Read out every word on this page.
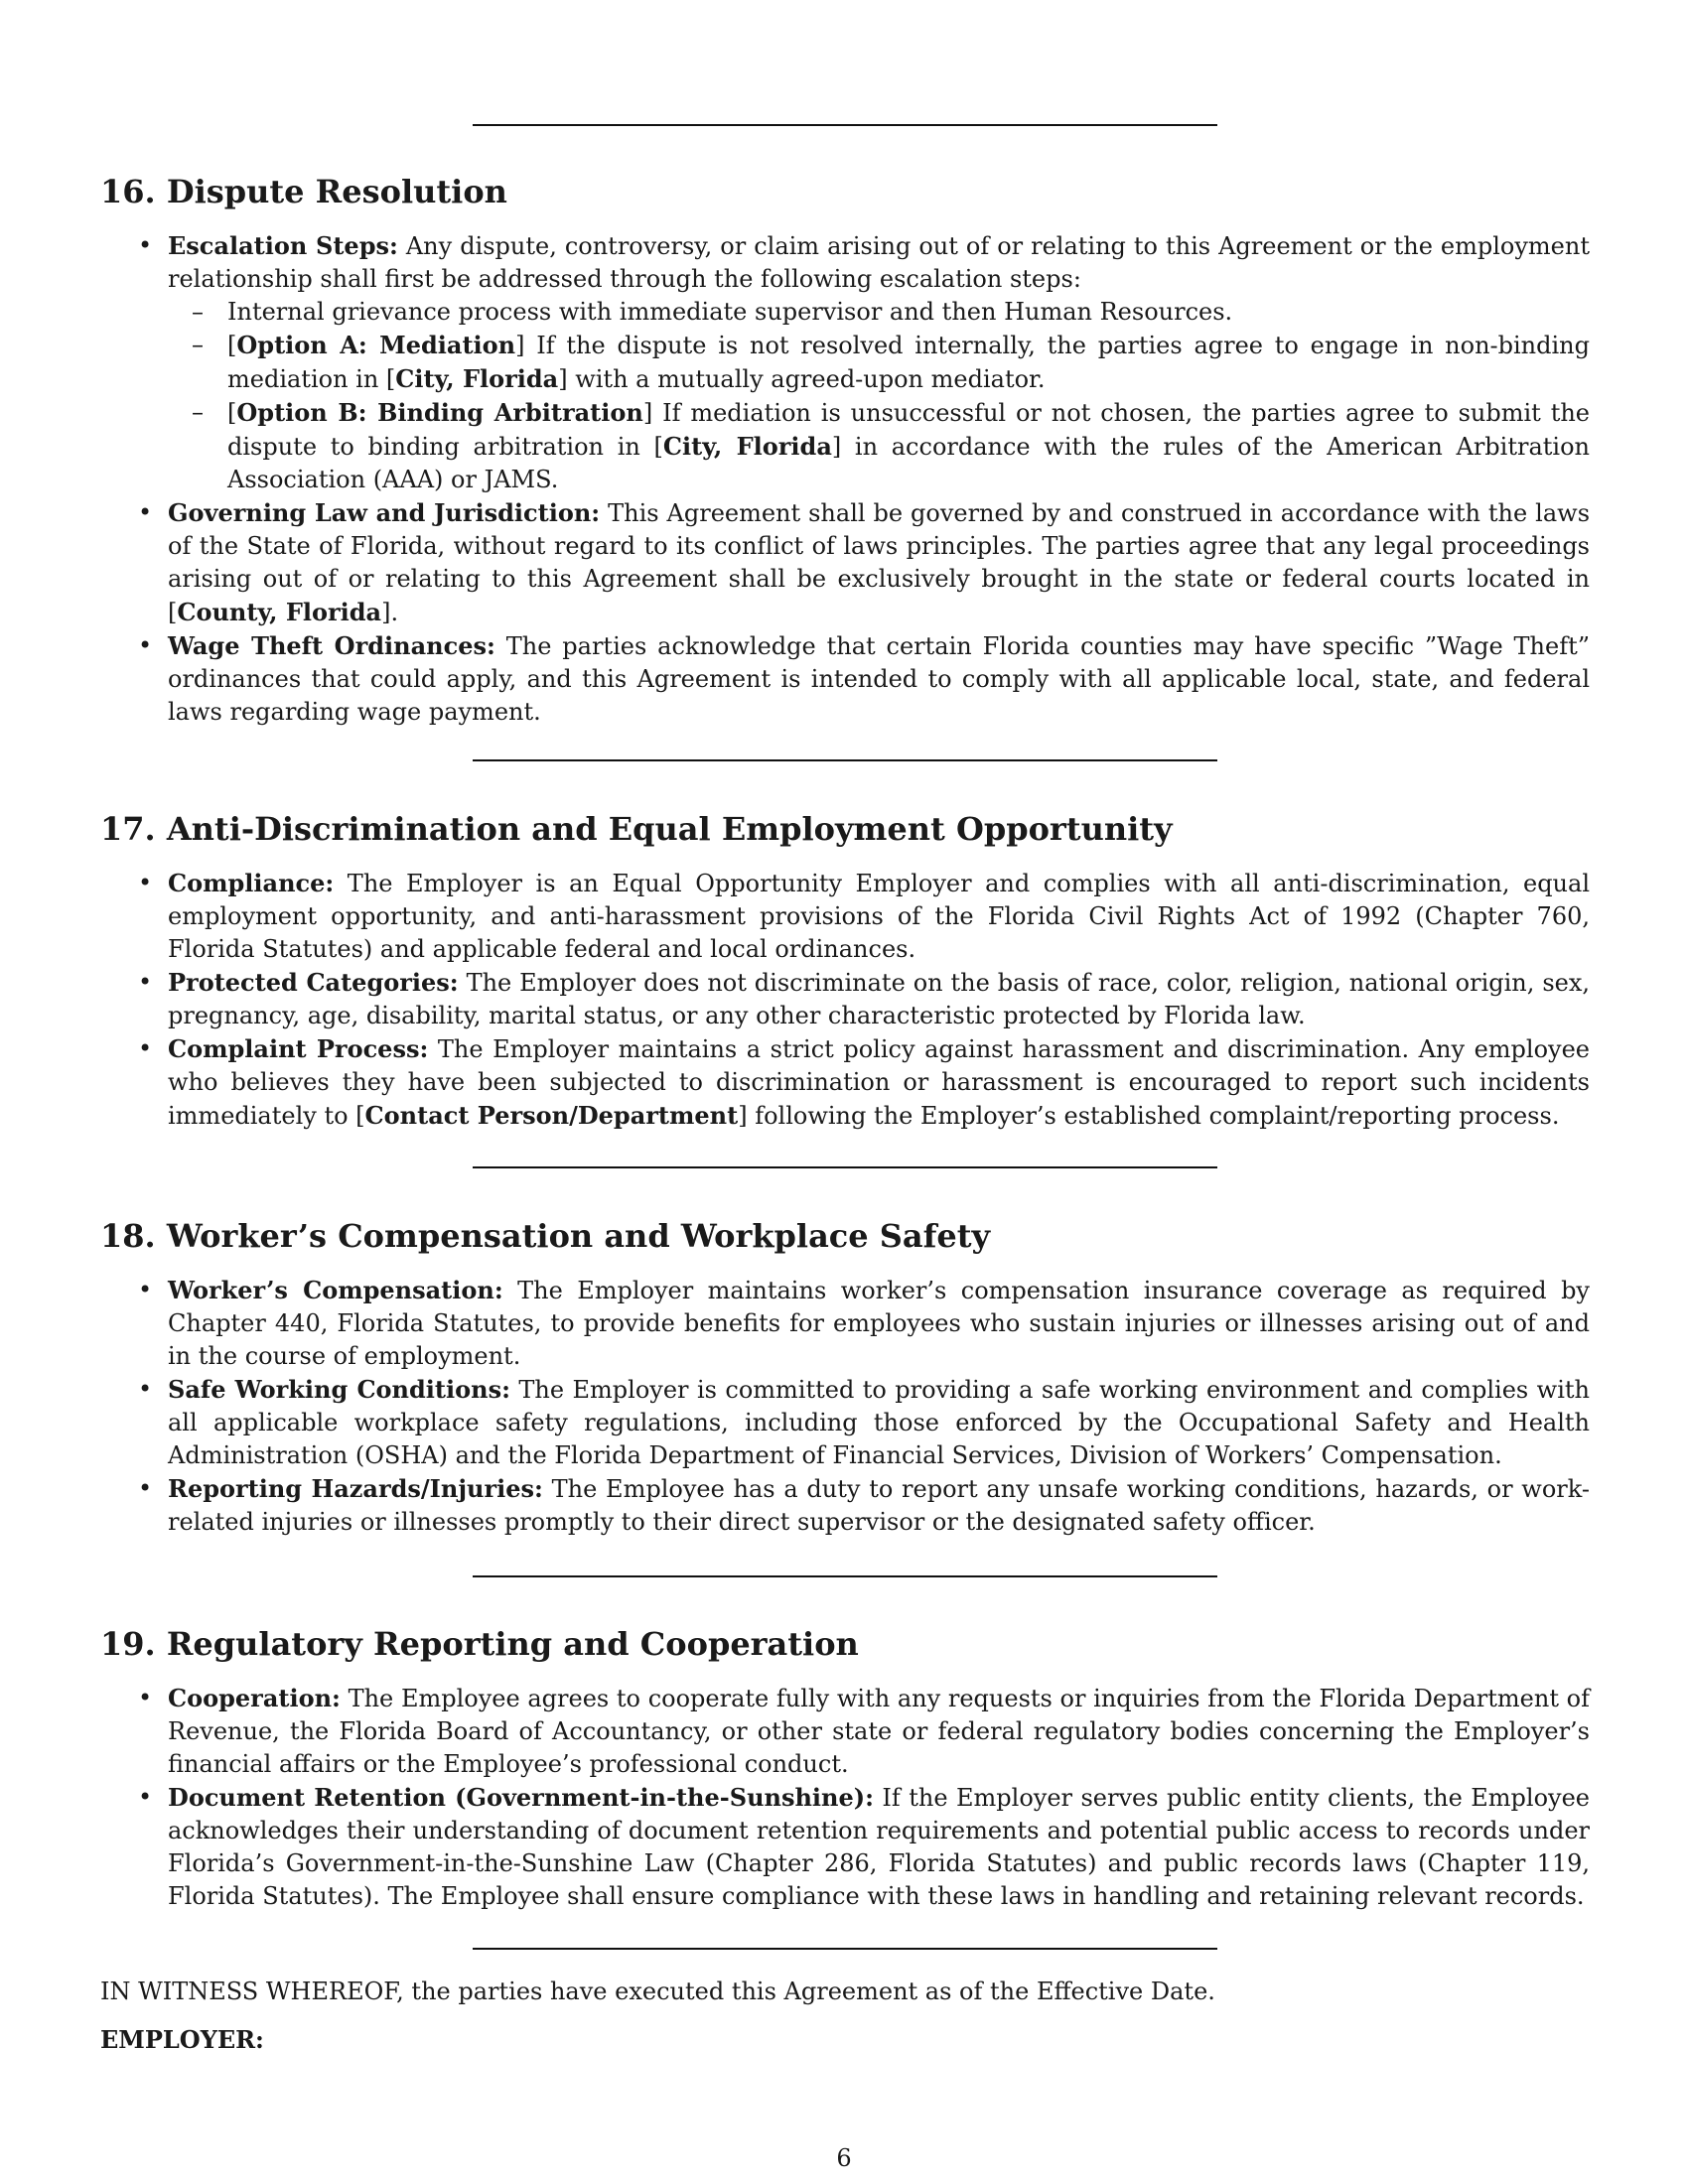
16. Dispute Resolution
• Escalation Steps: Any dispute, controversy, or claim arising out of or relating to this Agreement or the employment relationship shall first be addressed through the following escalation steps:
– Internal grievance process with immediate supervisor and then Human Resources.
– [Option A: Mediation] If the dispute is not resolved internally, the parties agree to engage in non-binding mediation in [City, Florida] with a mutually agreed-upon mediator.
– [Option B: Binding Arbitration] If mediation is unsuccessful or not chosen, the parties agree to submit the dispute to binding arbitration in [City, Florida] in accordance with the rules of the American Arbitration Association (AAA) or JAMS.
• Governing Law and Jurisdiction: This Agreement shall be governed by and construed in accordance with the laws of the State of Florida, without regard to its conflict of laws principles. The parties agree that any legal proceedings arising out of or relating to this Agreement shall be exclusively brought in the state or federal courts located in [County, Florida].
• Wage Theft Ordinances: The parties acknowledge that certain Florida counties may have specific ”Wage Theft” ordinances that could apply, and this Agreement is intended to comply with all applicable local, state, and federal laws regarding wage payment.
17. Anti-Discrimination and Equal Employment Opportunity
• Compliance: The Employer is an Equal Opportunity Employer and complies with all anti-discrimination, equal employment opportunity, and anti-harassment provisions of the Florida Civil Rights Act of 1992 (Chapter 760, Florida Statutes) and applicable federal and local ordinances.
• Protected Categories: The Employer does not discriminate on the basis of race, color, religion, national origin, sex, pregnancy, age, disability, marital status, or any other characteristic protected by Florida law.
• Complaint Process: The Employer maintains a strict policy against harassment and discrimination. Any employee who believes they have been subjected to discrimination or harassment is encouraged to report such incidents immediately to [Contact Person/Department] following the Employer’s established complaint/reporting process.
18. Worker’s Compensation and Workplace Safety
• Worker’s Compensation: The Employer maintains worker’s compensation insurance coverage as required by Chapter 440, Florida Statutes, to provide benefits for employees who sustain injuries or illnesses arising out of and in the course of employment.
• Safe Working Conditions: The Employer is committed to providing a safe working environment and complies with all applicable workplace safety regulations, including those enforced by the Occupational Safety and Health Administration (OSHA) and the Florida Department of Financial Services, Division of Workers’ Compensation.
• Reporting Hazards/Injuries: The Employee has a duty to report any unsafe working conditions, hazards, or work-related injuries or illnesses promptly to their direct supervisor or the designated safety officer.
19. Regulatory Reporting and Cooperation
• Cooperation: The Employee agrees to cooperate fully with any requests or inquiries from the Florida Department of Revenue, the Florida Board of Accountancy, or other state or federal regulatory bodies concerning the Employer’s financial affairs or the Employee’s professional conduct.
• Document Retention (Government-in-the-Sunshine): If the Employer serves public entity clients, the Employee acknowledges their understanding of document retention requirements and potential public access to records under Florida’s Government-in-the-Sunshine Law (Chapter 286, Florida Statutes) and public records laws (Chapter 119, Florida Statutes). The Employee shall ensure compliance with these laws in handling and retaining relevant records.
IN WITNESS WHEREOF, the parties have executed this Agreement as of the Effective Date.
EMPLOYER:
6
